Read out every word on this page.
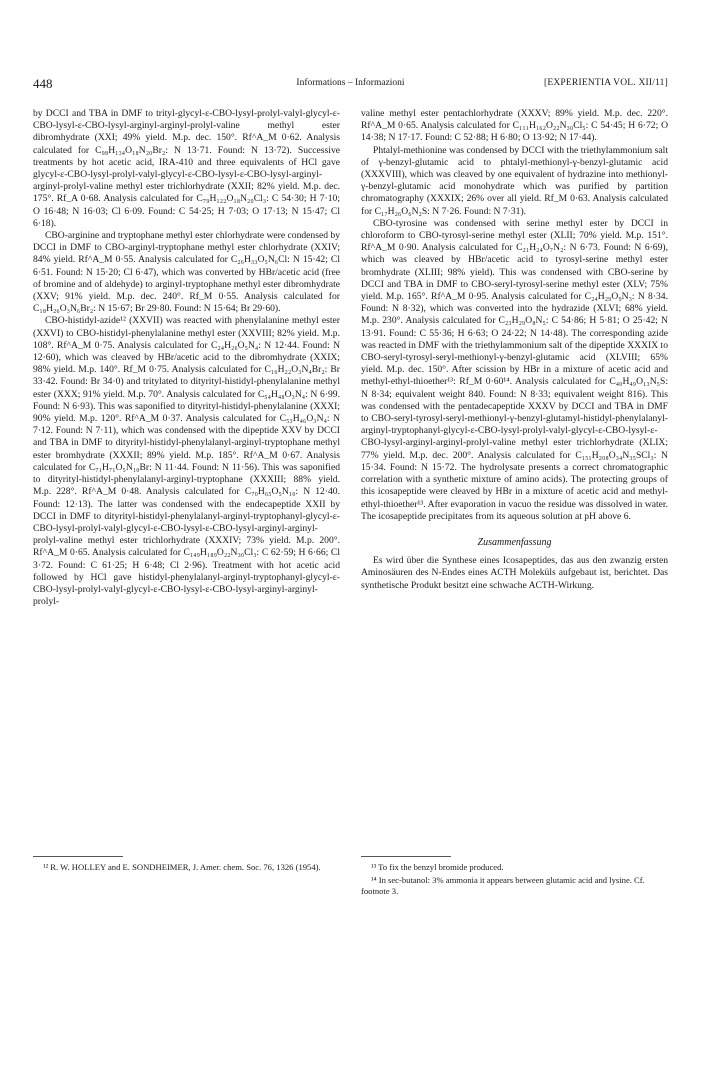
448	Informations – Informazioni	[EXPERIENTIA VOL. XII/11]

by DCCI and TBA in DMF to trityl-glycyl-ε-CBO-lysyl-prolyl-valyl-glycyl-ε-CBO-lysyl-ε-CBO-lysyl-arginyl-arginyl-prolyl-valine methyl ester dibromhydrate (XXI; 49% yield. M.p. dec. 150°. Rf^A_M 0·62. Analysis calculated for C₉₈H₁₃₄O₁₈N₂₀Br₂: N 13·71. Found: N 13·72). Successive treatments by hot acetic acid, IRA-410 and three equivalents of HCl gave glycyl-ε-CBO-lysyl-prolyl-valyl-glycyl-ε-CBO-lysyl-ε-CBO-lysyl-arginyl-arginyl-prolyl-valine methyl ester trichlorhydrate (XXII; 82% yield. M.p. dec. 175°. Rf_A 0·68. Analysis calculated for C₇₉H₁₂₂O₁₈N₂₀Cl₃: C 54·30; H 7·10; O 16·48; N 16·03; Cl 6·09. Found: C 54·25; H 7·03; O 17·13; N 15·47; Cl 6·18).

CBO-arginine and tryptophane methyl ester chlorhydrate were condensed by DCCI in DMF to CBO-arginyl-tryptophane methyl ester chlorhydrate (XXIV; 84% yield. Rf^A_M 0·55. Analysis calculated for C₂₆H₃₃O₅N₆Cl: N 15·42; Cl 6·51. Found: N 15·20; Cl 6·47), which was converted by HBr/acetic acid (free of bromine and of aldehyde) to arginyl-tryptophane methyl ester dibromhydrate (XXV; 91% yield. M.p. dec. 240°. Rf_M 0·55. Analysis calculated for C₁₈H₂₆O₃N₆Br₂: N 15·67; Br 29·80. Found: N 15·64; Br 29·60).

CBO-histidyl-azide¹² (XXVII) was reacted with phenylalanine methyl ester (XXVI) to CBO-histidyl-phenylalanine methyl ester (XXVIII; 82% yield. M.p. 108°. Rf^A_M 0·75. Analysis calculated for C₂₄H₂₆O₅N₄: N 12·44. Found: N 12·60), which was cleaved by HBr/acetic acid to the dibromhydrate (XXIX; 98% yield. M.p. 140°. Rf_M 0·75. Analysis calculated for C₁₆H₂₂O₃N₄Br₂: Br 33·42. Found: Br 34·0) and tritylated to dityrityl-histidyl-phenylalanine methyl ester (XXX; 91% yield. M.p. 70°. Analysis calculated for C₅₄H₄₈O₃N₄: N 6·99. Found: N 6·93). This was saponified to dityrityl-histidyl-phenylalanine (XXXI; 90% yield. M.p. 120°. Rf^A_M 0·37. Analysis calculated for C₅₃H₄₆O₃N₄: N 7·12. Found: N 7·11), which was condensed with the dipeptide XXV by DCCI and TBA in DMF to dityrityl-histidyl-phenylalanyl-arginyl-tryptophane methyl ester bromhydrate (XXXII; 89% yield. M.p. 185°. Rf^A_M 0·67. Analysis calculated for C₇₁H₇₁O₅N₁₀Br: N 11·44. Found: N 11·56). This was saponified to dityrityl-histidyl-phenylalanyl-arginyl-tryptophane (XXXIII; 88% yield. M.p. 228°. Rf^A_M 0·48. Analysis calculated for C₇₀H₆₅O₅N₁₀: N 12·40. Found: 12·13). The latter was condensed with the endecapeptide XXII by DCCI in DMF to dityrityl-histidyl-phenylalanyl-arginyl-tryptophanyl-glycyl-ε-CBO-lysyl-prolyl-valyl-glycyl-ε-CBO-lysyl-ε-CBO-lysyl-arginyl-arginyl-prolyl-valine methyl ester trichlorhydrate (XXXIV; 73% yield. M.p. 200°. Rf^A_M 0·65. Analysis calculated for C₁₄₉H₁₈₉O₂₂N₃₀Cl₃: C 62·59; H 6·66; Cl 3·72. Found: C 61·25; H 6·48; Cl 2·96). Treatment with hot acetic acid followed by HCl gave histidyl-phenylalanyl-arginyl-tryptophanyl-glycyl-ε-CBO-lysyl-prolyl-valyl-glycyl-ε-CBO-lysyl-ε-CBO-lysyl-arginyl-arginyl-prolyl-

valine methyl ester pentachlorhydrate (XXXV; 89% yield. M.p. dec. 220°. Rf^A_M 0·65. Analysis calculated for C₁₁₁H₁₆₂O₂₂N₃₀Cl₅: C 54·45; H 6·72; O 14·38; N 17·17. Found: C 52·88; H 6·80; O 13·92; N 17·44).

Phtalyl-methionine was condensed by DCCI with the triethylammonium salt of γ-benzyl-glutamic acid to phtalyl-methionyl-γ-benzyl-glutamic acid (XXXVIII), which was cleaved by one equivalent of hydrazine into methionyl-γ-benzyl-glutamic acid monohydrate which was purified by partition chromatography (XXXIX; 26% over all yield. Rf_M 0·63. Analysis calculated for C₁₇H₂₆O₆N₂S: N 7·26. Found: N 7·31).

CBO-tyrosine was condensed with serine methyl ester by DCCI in chloroform to CBO-tyrosyl-serine methyl ester (XLII; 70% yield. M.p. 151°. Rf^A_M 0·90. Analysis calculated for C₂₁H₂₄O₇N₂: N 6·73. Found: N 6·69), which was cleaved by HBr/acetic acid to tyrosyl-serine methyl ester bromhydrate (XLIII; 98% yield). This was condensed with CBO-serine by DCCI and TBA in DMF to CBO-seryl-tyrosyl-serine methyl ester (XLV; 75% yield. M.p. 165°. Rf^A_M 0·95. Analysis calculated for C₂₄H₂₉O₉N₃: N 8·34. Found: N 8·32), which was converted into the hydrazide (XLVI; 68% yield. M.p. 230°. Analysis calculated for C₂₃H₂₉O₈N₅: C 54·86; H 5·81; O 25·42; N 13·91. Found: C 55·36; H 6·63; O 24·22; N 14·48). The corresponding azide was reacted in DMF with the triethylammonium salt of the dipeptide XXXIX to CBO-seryl-tyrosyl-seryl-methionyl-γ-benzyl-glutamic acid (XLVIII; 65% yield. M.p. dec. 150°. After scission by HBr in a mixture of acetic acid and methyl-ethyl-thioether¹³: Rf_M 0·60¹⁴. Analysis calculated for C₄₀H₄₉O₁₃N₅S: N 8·34; equivalent weight 840. Found: N 8·33; equivalent weight 816). This was condensed with the pentadecapeptide XXXV by DCCI and TBA in DMF to CBO-seryl-tyrosyl-seryl-methionyl-γ-benzyl-glutamyl-histidyl-phenylalanyl-arginyl-tryptophanyl-glycyl-ε-CBO-lysyl-prolyl-valyl-glycyl-ε-CBO-lysyl-ε-CBO-lysyl-arginyl-arginyl-prolyl-valine methyl ester trichlorhydrate (XLIX; 77% yield. M.p. dec. 200°. Analysis calculated for C₁₅₁H₂₀₈O₃₄N₃₅SCl₃: N 15·34. Found: N 15·72. The hydrolysate presents a correct chromatographic correlation with a synthetic mixture of amino acids). The protecting groups of this icosapeptide were cleaved by HBr in a mixture of acetic acid and methyl-ethyl-thioether¹³. After evaporation in vacuo the residue was dissolved in water. The icosapeptide precipitates from its aqueous solution at pH above 6.

Zusammenfassung

Es wird über die Synthese eines Icosapeptides, das aus den zwanzig ersten Aminosäuren des N-Endes eines ACTH Moleküls aufgebaut ist, berichtet. Das synthetische Produkt besitzt eine schwache ACTH-Wirkung.

¹² R. W. HOLLEY and E. SONDHEIMER, J. Amer. chem. Soc. 76, 1326 (1954).	¹³ To fix the benzyl bromide produced.

¹⁴ In sec-butanol: 3% ammonia it appears between glutamic acid and lysine. Cf. footnote 3.
